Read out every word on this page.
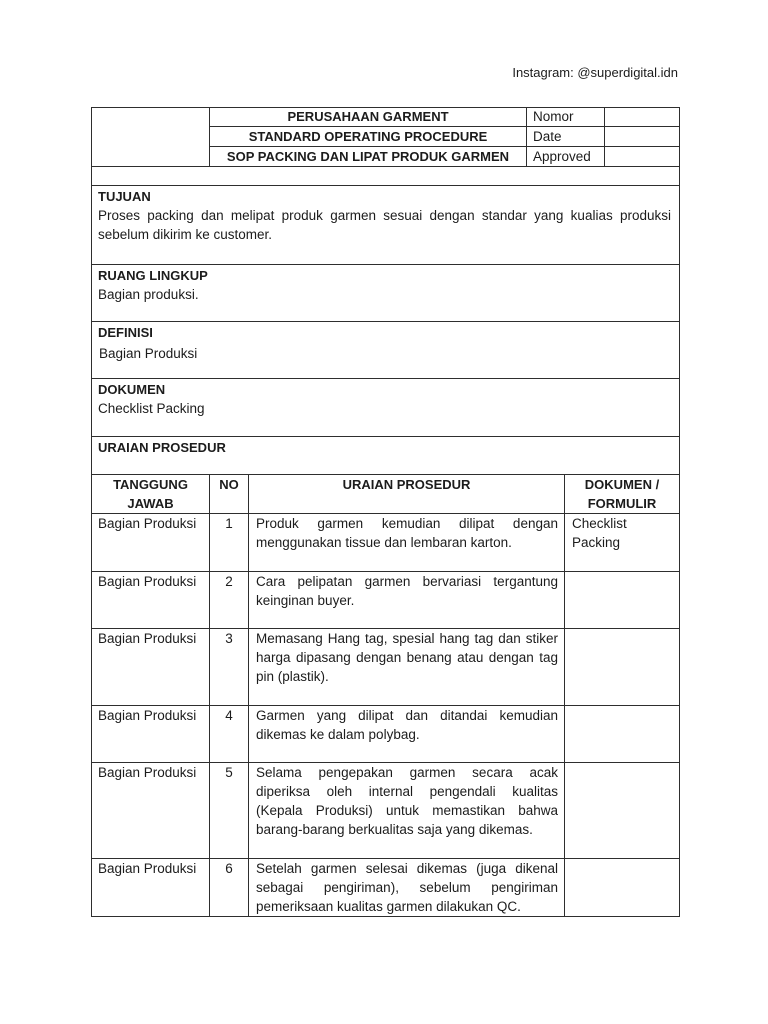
Instagram: @superdigital.idn
	PERUSAHAAN GARMENT	Nomor	
	STANDARD OPERATING PROCEDURE	Date	
	SOP PACKING DAN LIPAT PRODUK GARMEN	Approved	

TUJUAN
Proses packing dan melipat produk garmen sesuai dengan standar yang kualias produksi
sebelum dikirim ke customer.

RUANG LINGKUP
Bagian produksi.

DEFINISI
Bagian Produksi

DOKUMEN
Checklist Packing

URAIAN PROSEDUR
TANGGUNG JAWAB	NO	URAIAN PROSEDUR	DOKUMEN / FORMULIR
Bagian Produksi	1	Produk garmen kemudian dilipat dengan
menggunakan tissue dan lembaran karton.	Checklist Packing
Bagian Produksi	2	Cara pelipatan garmen bervariasi tergantung
keinginan buyer.	

Bagian Produksi	3	Memasang Hang tag, spesial hang tag dan stiker
harga dipasang dengan benang atau dengan tag
pin (plastik).	

Bagian Produksi	4	Garmen yang dilipat dan ditandai kemudian
dikemas ke dalam polybag.	

Bagian Produksi	5	Selama pengepakan garmen secara acak
diperiksa oleh internal pengendali kualitas
(Kepala Produksi) untuk memastikan bahwa
barang-barang berkualitas saja yang dikemas.	

Bagian Produksi	6	Setelah garmen selesai dikemas (juga dikenal
sebagai pengiriman), sebelum pengiriman
pemeriksaan kualitas garmen dilakukan QC.	
